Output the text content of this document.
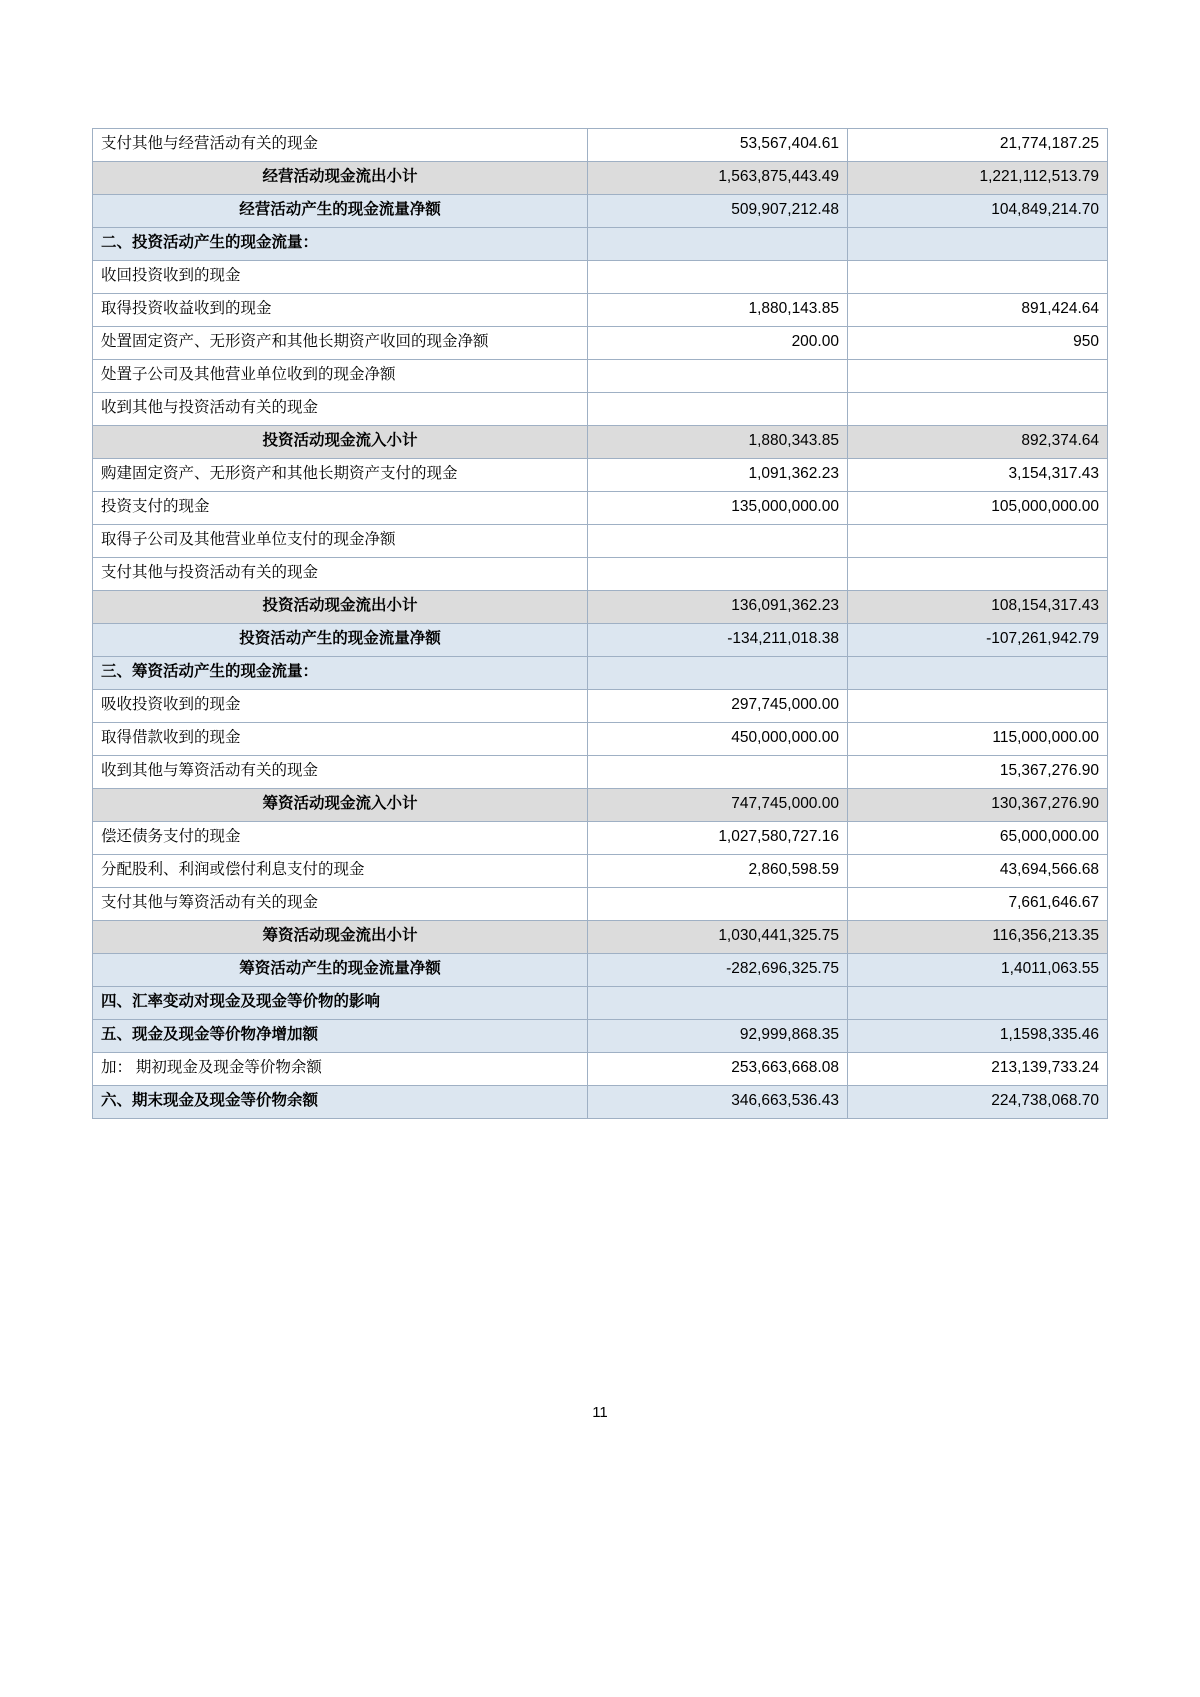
支付其他与经营活动有关的现金	53,567,404.61	21,774,187.25
经营活动现金流出小计	1,563,875,443.49	1,221,112,513.79
经营活动产生的现金流量净额	509,907,212.48	104,849,214.70
二、投资活动产生的现金流量：		
收回投资收到的现金		
取得投资收益收到的现金	1,880,143.85	891,424.64
处置固定资产、无形资产和其他长期资产收回的现金净额	200.00	950
处置子公司及其他营业单位收到的现金净额		
收到其他与投资活动有关的现金		
投资活动现金流入小计	1,880,343.85	892,374.64
购建固定资产、无形资产和其他长期资产支付的现金	1,091,362.23	3,154,317.43
投资支付的现金	135,000,000.00	105,000,000.00
取得子公司及其他营业单位支付的现金净额		
支付其他与投资活动有关的现金		
投资活动现金流出小计	136,091,362.23	108,154,317.43
投资活动产生的现金流量净额	-134,211,018.38	-107,261,942.79
三、筹资活动产生的现金流量：		
吸收投资收到的现金	297,745,000.00	
取得借款收到的现金	450,000,000.00	115,000,000.00
收到其他与筹资活动有关的现金		15,367,276.90
筹资活动现金流入小计	747,745,000.00	130,367,276.90
偿还债务支付的现金	1,027,580,727.16	65,000,000.00
分配股利、利润或偿付利息支付的现金	2,860,598.59	43,694,566.68
支付其他与筹资活动有关的现金		7,661,646.67
筹资活动现金流出小计	1,030,441,325.75	116,356,213.35
筹资活动产生的现金流量净额	-282,696,325.75	1,4011,063.55
四、汇率变动对现金及现金等价物的影响		
五、现金及现金等价物净增加额	92,999,868.35	1,1598,335.46
加： 期初现金及现金等价物余额	253,663,668.08	213,139,733.24
六、期末现金及现金等价物余额	346,663,536.43	224,738,068.70
11
